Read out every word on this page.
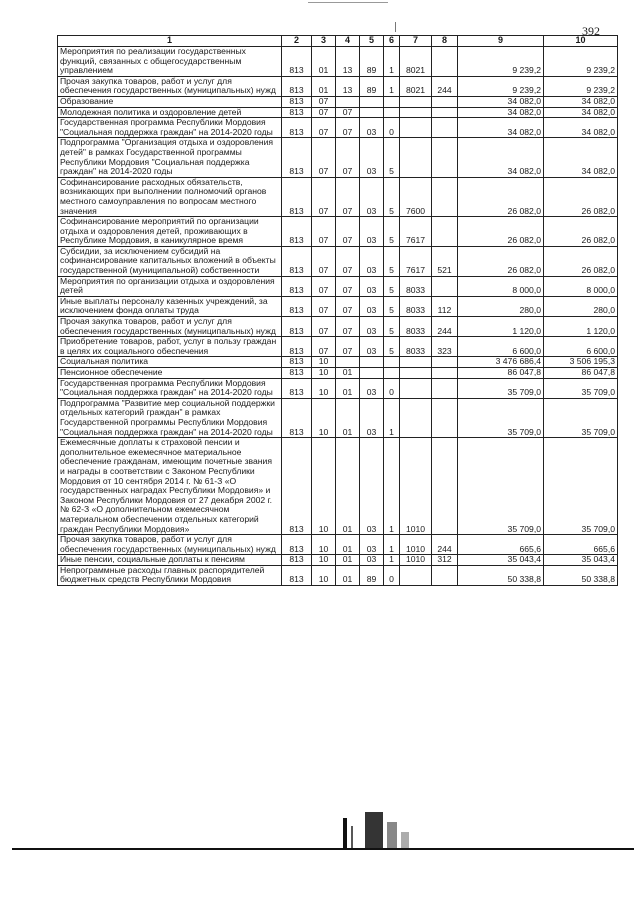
392
1	2	3	4	5	6	7	8	9	10
Мероприятия по реализации государственных функций, связанных с общегосударственным управлением	813	01	13	89	1	8021		9 239,2	9 239,2
Прочая закупка товаров, работ и услуг для обеспечения государственных (муниципальных) нужд	813	01	13	89	1	8021	244	9 239,2	9 239,2
Образование	813	07						34 082,0	34 082,0
Молодежная политика и оздоровление детей	813	07	07					34 082,0	34 082,0
Государственная программа Республики Мордовия "Социальная поддержка граждан" на 2014-2020 годы	813	07	07	03	0			34 082,0	34 082,0
Подпрограмма "Организация отдыха и оздоровления детей" в рамках Государственной программы Республики Мордовия "Социальная поддержка граждан" на 2014-2020 годы	813	07	07	03	5			34 082,0	34 082,0
Софинансирование расходных обязательств, возникающих при выполнении полномочий органов местного самоуправления по вопросам местного значения	813	07	07	03	5	7600		26 082,0	26 082,0
Софинансирование мероприятий по организации отдыха и оздоровления детей, проживающих в Республике Мордовия, в каникулярное время	813	07	07	03	5	7617		26 082,0	26 082,0
Субсидии, за исключением субсидий на софинансирование капитальных вложений в объекты государственной (муниципальной) собственности	813	07	07	03	5	7617	521	26 082,0	26 082,0
Мероприятия по организации отдыха и оздоровления детей	813	07	07	03	5	8033		8 000,0	8 000,0
Иные выплаты персоналу казенных учреждений, за исключением фонда оплаты труда	813	07	07	03	5	8033	112	280,0	280,0
Прочая закупка товаров, работ и услуг для обеспечения государственных (муниципальных) нужд	813	07	07	03	5	8033	244	1 120,0	1 120,0
Приобретение товаров, работ, услуг в пользу граждан в целях их социального обеспечения	813	07	07	03	5	8033	323	6 600,0	6 600,0
Социальная политика	813	10						3 476 686,4	3 506 195,3
Пенсионное обеспечение	813	10	01					86 047,8	86 047,8
Государственная программа Республики Мордовия "Социальная поддержка граждан" на 2014-2020 годы	813	10	01	03	0			35 709,0	35 709,0
Подпрограмма "Развитие мер социальной поддержки отдельных категорий граждан" в рамках Государственной программы Республики Мордовия "Социальная поддержка граждан" на 2014-2020 годы	813	10	01	03	1			35 709,0	35 709,0
Ежемесячные доплаты к страховой пенсии и дополнительное ежемесячное материальное обеспечение гражданам, имеющим почетные звания и награды в соответствии с Законом Республики Мордовия от 10 сентября 2014 г. № 61-З «О государственных наградах Республики Мордовия» и Законом Республики Мордовия от 27 декабря 2002 г. № 62-З «О дополнительном ежемесячном материальном обеспечении отдельных категорий граждан Республики Мордовия»	813	10	01	03	1	1010		35 709,0	35 709,0
Прочая закупка товаров, работ и услуг для обеспечения государственных (муниципальных) нужд	813	10	01	03	1	1010	244	665,6	665,6
Иные пенсии, социальные доплаты к пенсиям	813	10	01	03	1	1010	312	35 043,4	35 043,4
Непрограммные расходы главных распорядителей бюджетных средств Республики Мордовия	813	10	01	89	0			50 338,8	50 338,8
